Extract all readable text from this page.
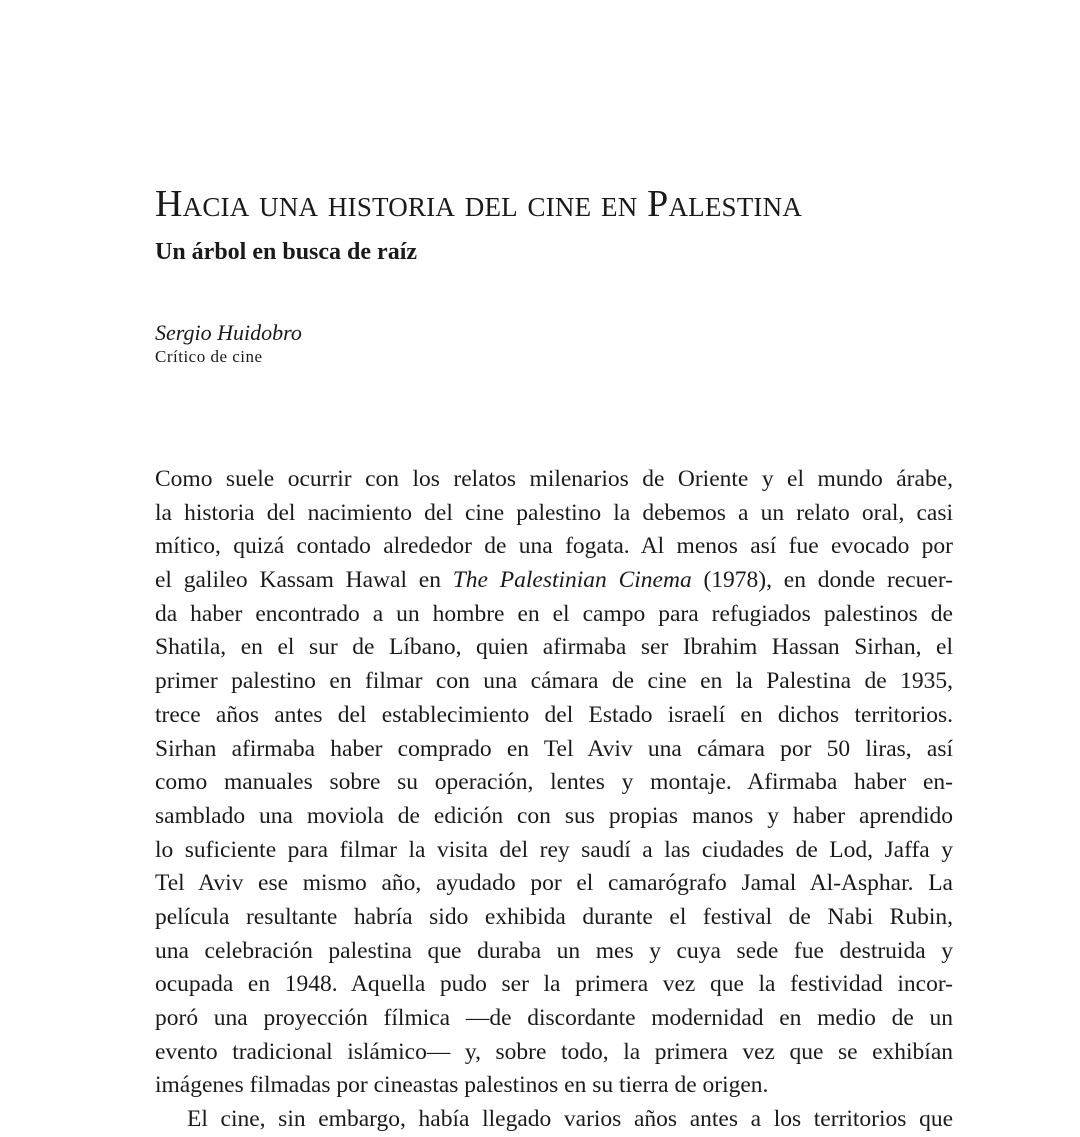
Hacia una historia del cine en Palestina
Un árbol en busca de raíz
Sergio Huidobro
Crítico de cine
Como suele ocurrir con los relatos milenarios de Oriente y el mundo árabe,
la historia del nacimiento del cine palestino la debemos a un relato oral, casi
mítico, quizá contado alrededor de una fogata. Al menos así fue evocado por
el galileo Kassam Hawal en The Palestinian Cinema (1978), en donde recuer-
da haber encontrado a un hombre en el campo para refugiados palestinos de
Shatila, en el sur de Líbano, quien afirmaba ser Ibrahim Hassan Sirhan, el
primer palestino en filmar con una cámara de cine en la Palestina de 1935,
trece años antes del establecimiento del Estado israelí en dichos territorios.
Sirhan afirmaba haber comprado en Tel Aviv una cámara por 50 liras, así
como manuales sobre su operación, lentes y montaje. Afirmaba haber en-
samblado una moviola de edición con sus propias manos y haber aprendido
lo suficiente para filmar la visita del rey saudí a las ciudades de Lod, Jaffa y
Tel Aviv ese mismo año, ayudado por el camarógrafo Jamal Al-Asphar. La
película resultante habría sido exhibida durante el festival de Nabi Rubin,
una celebración palestina que duraba un mes y cuya sede fue destruida y
ocupada en 1948. Aquella pudo ser la primera vez que la festividad incor-
poró una proyección fílmica —de discordante modernidad en medio de un
evento tradicional islámico— y, sobre todo, la primera vez que se exhibían
imágenes filmadas por cineastas palestinos en su tierra de origen.
El cine, sin embargo, había llegado varios años antes a los territorios que
